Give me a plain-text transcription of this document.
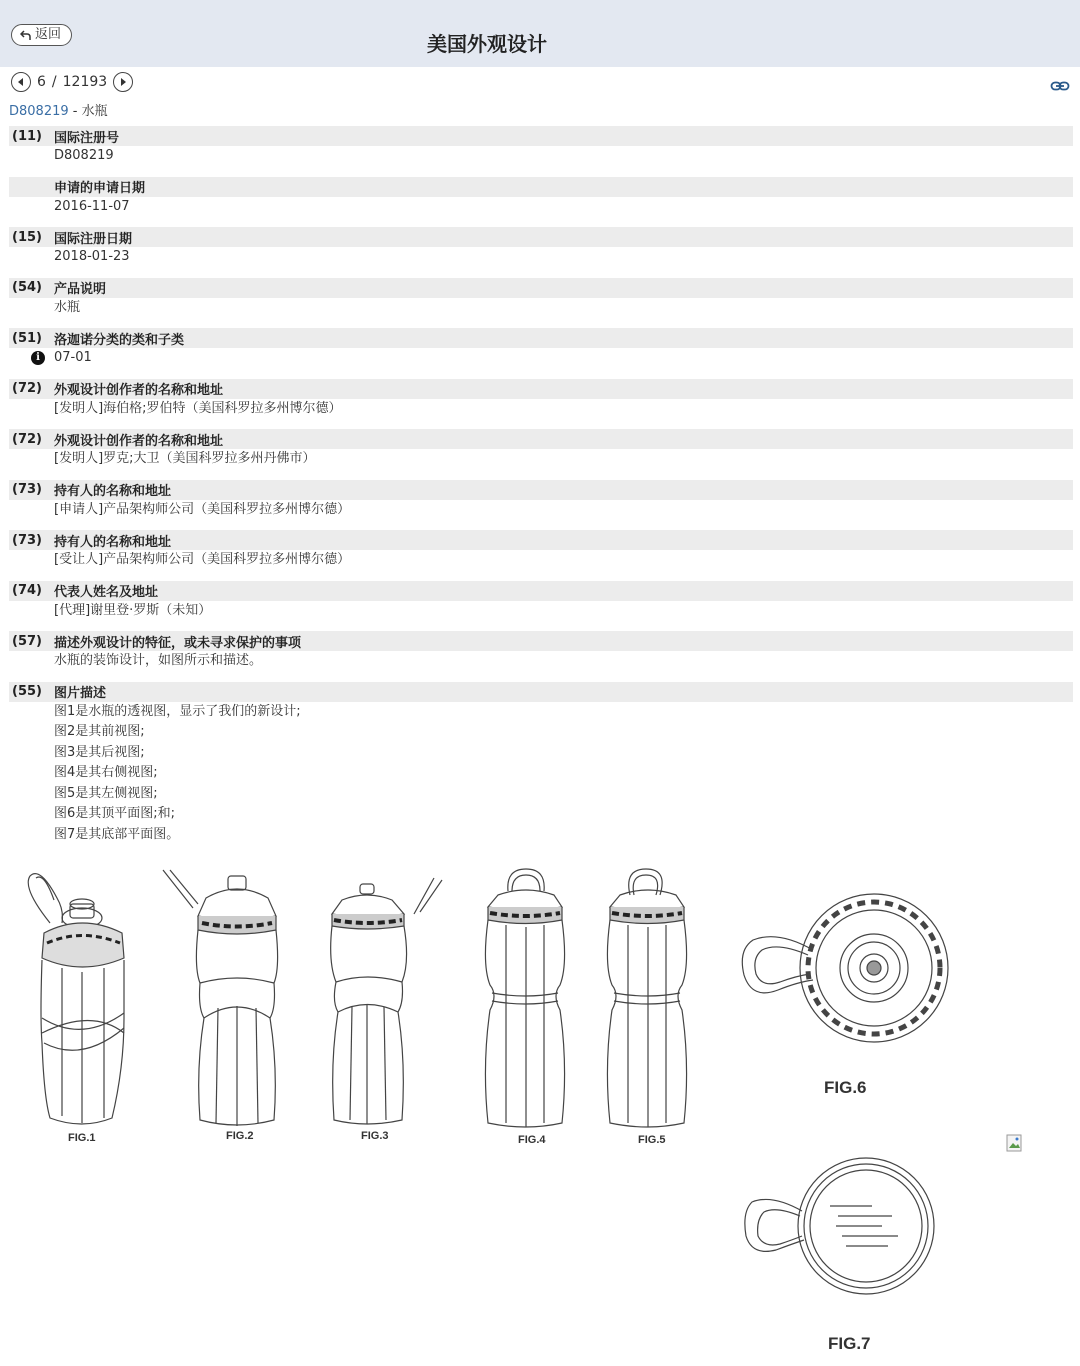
返回	美国外观设计
6 / 12193
D808219 - 水瓶
(11) 国际注册号
D808219
申请的申请日期
2016-11-07
(15) 国际注册日期
2018-01-23
(54) 产品说明
水瓶
(51) 洛迦诺分类的类和子类
i	07-01
(72) 外观设计创作者的名称和地址
[发明人]海伯格;罗伯特（美国科罗拉多州博尔德）
(72) 外观设计创作者的名称和地址
[发明人]罗克;大卫（美国科罗拉多州丹佛市）
(73) 持有人的名称和地址
[申请人]产品架构师公司（美国科罗拉多州博尔德）
(73) 持有人的名称和地址
[受让人]产品架构师公司（美国科罗拉多州博尔德）
(74) 代表人姓名及地址
[代理]谢里登·罗斯（未知）
(57) 描述外观设计的特征，或未寻求保护的事项
水瓶的装饰设计，如图所示和描述。
(55) 图片描述
图1是水瓶的透视图，显示了我们的新设计;
图2是其前视图;
图3是其后视图;
图4是其右侧视图;
图5是其左侧视图;
图6是其顶平面图;和;
图7是其底部平面图。
FIG.1	FIG.2	FIG.3	FIG.4	FIG.5
FIG.6
FIG.7
